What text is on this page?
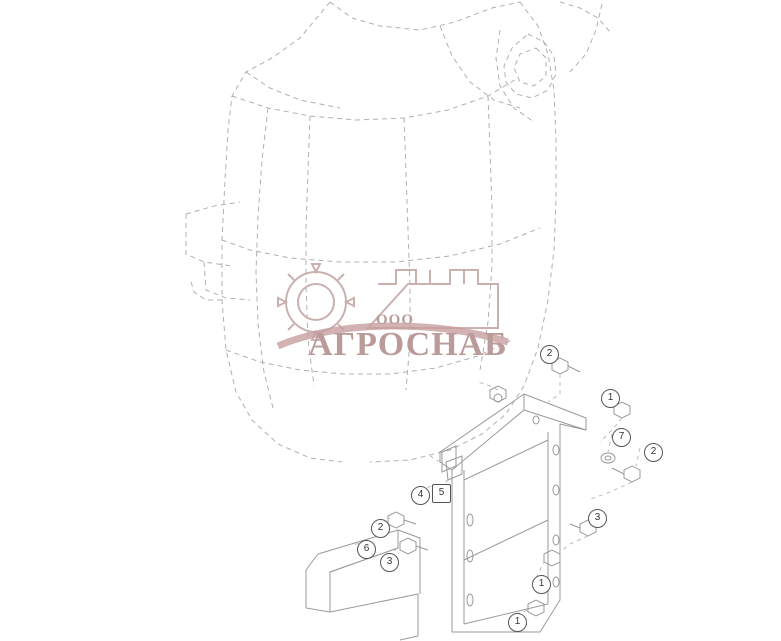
ООО
АГРОСНАБ	2
1
7
2
4	5
3
2
6
3
1
1
